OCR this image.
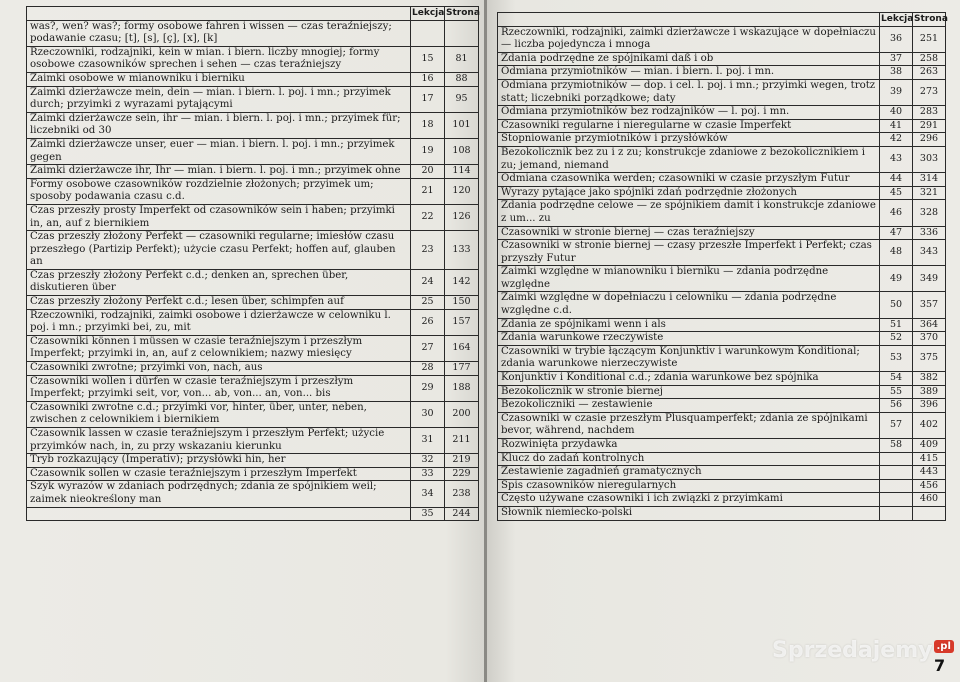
	Lekcja	Strona
was?, wen? was?; formy osobowe fahren i wissen — czas teraźniejszy; podawanie czasu; [t], [s], [ç], [x], [k]		
Rzeczowniki, rodzajniki, kein w mian. i biern. liczby mnogiej; formy osobowe czasowników sprechen i sehen — czas teraźniejszy	15	81
Zaimki osobowe w mianowniku i bierniku	16	88
Zaimki dzierżawcze mein, dein — mian. i biern. l. poj. i mn.; przyimek durch; przyimki z wyrazami pytającymi	17	95
Zaimki dzierżawcze sein, ihr — mian. i biern. l. poj. i mn.; przyimek für; liczebniki od 30	18	101
Zaimki dzierżawcze unser, euer — mian. i biern. l. poj. i mn.; przyimek gegen	19	108
Zaimki dzierżawcze ihr, Ihr — mian. i biern. l. poj. i mn.; przyimek ohne	20	114
Formy osobowe czasowników rozdzielnie złożonych; przyimek um; sposoby podawania czasu c.d.	21	120
Czas przeszły prosty Imperfekt od czasowników sein i haben; przyimki in, an, auf z biernikiem	22	126
Czas przeszły złożony Perfekt — czasowniki regularne; imiesłów czasu przeszłego (Partizip Perfekt); użycie czasu Perfekt; hoffen auf, glauben an	23	133
Czas przeszły złożony Perfekt c.d.; denken an, sprechen über, diskutieren über	24	142
Czas przeszły złożony Perfekt c.d.; lesen über, schimpfen auf	25	150
Rzeczowniki, rodzajniki, zaimki osobowe i dzierżawcze w celowniku l. poj. i mn.; przyimki bei, zu, mit	26	157
Czasowniki können i müssen w czasie teraźniejszym i przeszłym Imperfekt; przyimki in, an, auf z celownikiem; nazwy miesięcy	27	164
Czasowniki zwrotne; przyimki von, nach, aus	28	177
Czasowniki wollen i dürfen w czasie teraźniejszym i przeszłym Imperfekt; przyimki seit, vor, von... ab, von... an, von... bis	29	188
Czasowniki zwrotne c.d.; przyimki vor, hinter, über, unter, neben, zwischen z celownikiem i biernikiem	30	200
Czasownik lassen w czasie teraźniejszym i przeszłym Perfekt; użycie przyimków nach, in, zu przy wskazaniu kierunku	31	211
Tryb rozkazujący (Imperativ); przysłówki hin, her	32	219
Czasownik sollen w czasie teraźniejszym i przeszłym Imperfekt	33	229
Szyk wyrazów w zdaniach podrzędnych; zdania ze spójnikiem weil; zaimek nieokreślony man	34	238
	35	244
	Lekcja	Strona
Rzeczowniki, rodzajniki, zaimki dzierżawcze i wskazujące w dopełniaczu — liczba pojedyncza i mnoga	36	251
Zdania podrzędne ze spójnikami daß i ob	37	258
Odmiana przymiotników — mian. i biern. l. poj. i mn.	38	263
Odmiana przymiotników — dop. i cel. l. poj. i mn.; przyimki wegen, trotz statt; liczebniki porządkowe; daty	39	273
Odmiana przymiotników bez rodzajników — l. poj. i mn.	40	283
Czasowniki regularne i nieregularne w czasie Imperfekt	41	291
Stopniowanie przymiotników i przysłówków	42	296
Bezokolicznik bez zu i z zu; konstrukcje zdaniowe z bezokolicznikiem i zu; jemand, niemand	43	303
Odmiana czasownika werden; czasowniki w czasie przyszłym Futur	44	314
Wyrazy pytające jako spójniki zdań podrzędnie złożonych	45	321
Zdania podrzędne celowe — ze spójnikiem damit i konstrukcje zdaniowe z um... zu	46	328
Czasowniki w stronie biernej — czas teraźniejszy	47	336
Czasowniki w stronie biernej — czasy przeszłe Imperfekt i Perfekt; czas przyszły Futur	48	343
Zaimki względne w mianowniku i bierniku — zdania podrzędne względne	49	349
Zaimki względne w dopełniaczu i celowniku — zdania podrzędne względne c.d.	50	357
Zdania ze spójnikami wenn i als	51	364
Zdania warunkowe rzeczywiste	52	370
Czasowniki w trybie łączącym Konjunktiv i warunkowym Konditional; zdania warunkowe nierzeczywiste	53	375
Konjunktiv i Konditional c.d.; zdania warunkowe bez spójnika	54	382
Bezokolicznik w stronie biernej	55	389
Bezokoliczniki — zestawienie	56	396
Czasowniki w czasie przeszłym Plusquamperfekt; zdania ze spójnikami bevor, während, nachdem	57	402
Rozwinięta przydawka	58	409
Klucz do zadań kontrolnych		415
Zestawienie zagadnień gramatycznych		443
Spis czasowników nieregularnych		456
Często używane czasowniki i ich związki z przyimkami		460
Słownik niemiecko-polski		
Sprzedajemy .pl
7
